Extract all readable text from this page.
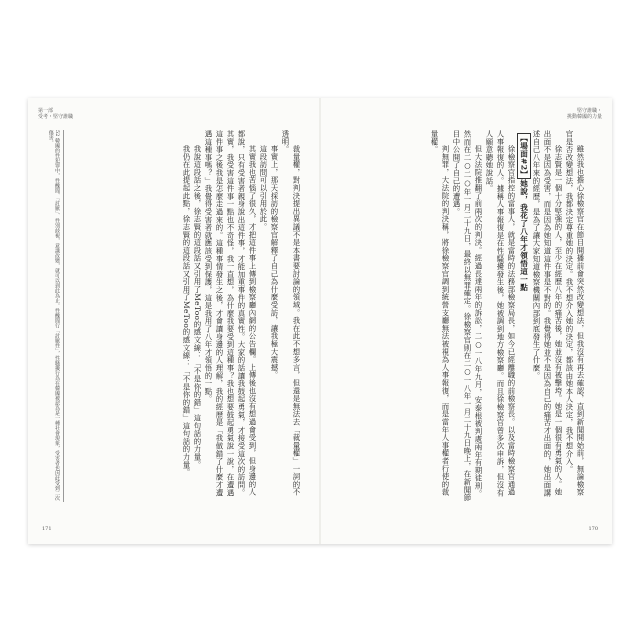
堅守誰職・
挑動韓國的力量

雖然我也擔心徐檢察官在節目開播前會突然改變想法，但我沒有再去確認，直到新聞開始前，無論檢察官是否改變想法，我都決定尊重她的決定。我不想介入她的決定，都該由她本人決定，我不想介入。

徐志賢是一個十分堅強的人，至少在經歷八年的痛苦後，她並沒有被擊垮。她是一個很有勇氣的人。她出面不是因為受害，而是因為她知道這件事是不對的。我覺得她並不是因為自己的痛苦才出面的，她出面講述自己八年來的經歷，是為了讓大家知道檢察機關內部到底發生了什麼。

【場面#2】她說，我花了八年才領悟這一點

徐檢察官指控的當事人，就是當時的法務部檢察局長，如今已經離職的前檢察長。以及當時檢察官通過人事報復的人。據稱人事報復是在性騷擾發生後，她被調到地方檢察廳。而且徐檢察官曾多次申訴，但沒有人願意聽她說話。

但大法院推翻了前兩次的判決。經過長達兩年的訴訟，二○一八年九月，安泰根被判處兩年有期徒刑。然而在二○二○年一月二十九日，最終以無罪確定。徐檢察官則在二○一八年一月二十九日晚上，在新聞節目中公開了自己的遭遇。

判無罪，大法院的判決稱，將徐檢察官調到統營支廳無法被視為人事報復，而是當年人事權者行使的裁量權。

170
第一部
受考・堅守誰職

裁量權，對判決提出異議不是本書要討論的領域。我在此不想多言，但還是無法去「裁量權」一詞的不透明。

事實上，那天採訪的檢察官解釋了自己為什麼受訪，讓我極大震撼。

這段訪問可以引用於此。

其實我也苦惱了很久，才把這件事上傳到檢察廳內網的公告欄。上傳後也沒有想過會受到，但身邊的人都說，只有受害者親身說出這件事，才能加重事件的真實性。大家的話讓我鼓起勇氣，才接受這次的訪問。其實，我受害這件事一點也不奇怪，我一直想，為什麼我要受到這種事？我也想要鼓起勇氣說一說，在遭遇這件事之後我是怎麼走過來的。這種事情發生之後，才會讓身邊的人理解，我的經歷是「我做錯了什麼才遭遇這種事嗎？」我覺得受害者就應該受到保護，這是我用了八年才領悟的一點。

我說這段話之後，徐志賢的這段話又引用了MeToo的感文線：「不是你的錯」這句話的力量。

我仍在此提起此點，徐志賢的這段話又引用了MeToo的感文線：「不是你的錯」這句話的力量。

52 韓國的性犯罪中，性醜聞、「討厭」、性別歧視，意識改變，就可以到此為止。性醜聞行「討厭性」，性騷擾行為在韓國被認為是一種社會現象，受害者也因此受到二次傷害。
171
